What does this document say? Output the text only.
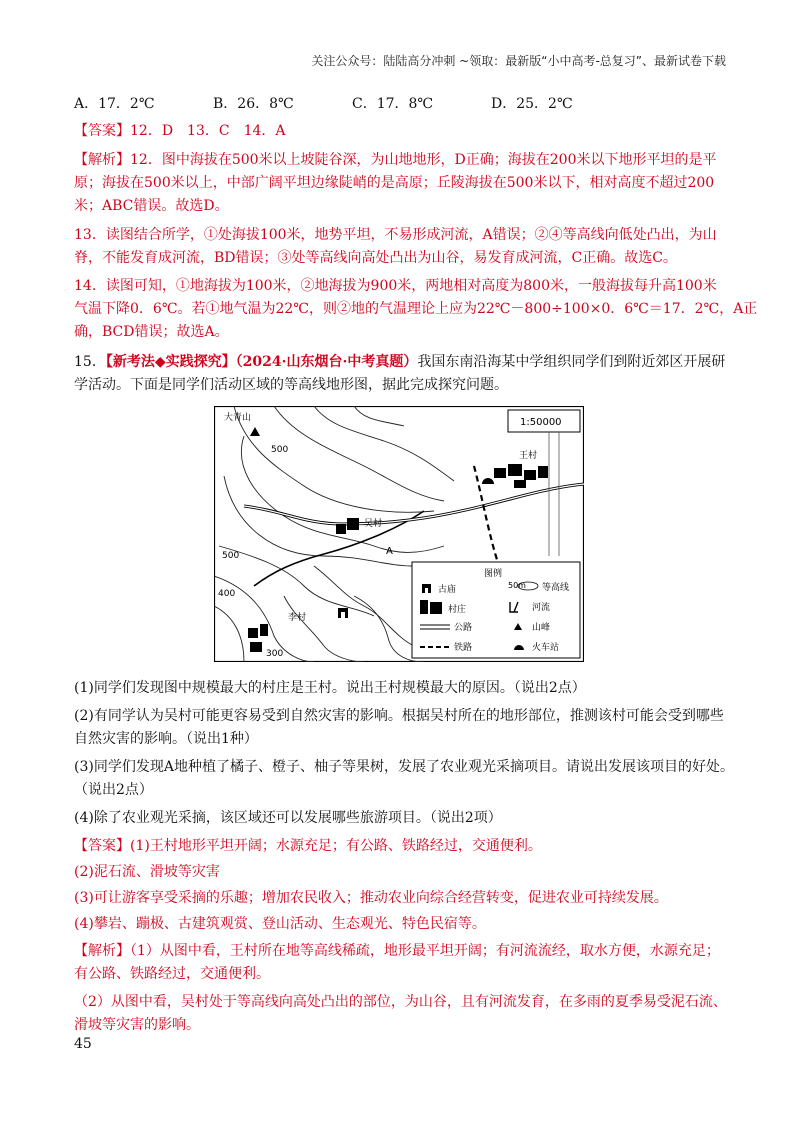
关注公众号：陆陆高分冲刺 ~领取：最新版“小中高考-总复习”、最新试卷下载
A．17．2℃	B．26．8℃	C．17．8℃	D．25．2℃
【答案】12．D　13．C　14．A
【解析】12．图中海拔在500米以上坡陡谷深，为山地地形，D正确；海拔在200米以下地形平坦的是平
原；海拔在500米以上，中部广阔平坦边缘陡峭的是高原；丘陵海拔在500米以下，相对高度不超过200
米；ABC错误。故选D。
13．读图结合所学，①处海拔100米，地势平坦，不易形成河流，A错误；②④等高线向低处凸出，为山
脊，不能发育成河流，BD错误；③处等高线向高处凸出为山谷，易发育成河流，C正确。故选C。
14．读图可知，①地海拔为100米，②地海拔为900米，两地相对高度为800米，一般海拔每升高100米
气温下降0．6℃。若①地气温为22℃，则②地的气温理论上应为22℃－800÷100×0．6℃＝17．2℃，A正
确，BCD错误；故选A。
15．【新考法◆实践探究】（2024·山东烟台·中考真题）我国东南沿海某中学组织同学们到附近郊区开展研
学活动。下面是同学们活动区域的等高线地形图，据此完成探究问题。
1:50000
500
500
400
300
王村
吴村
A
大青山
李村
图例
古庙	50m 等高线
村庄	河流
公路	山峰
铁路	火车站
(1)同学们发现图中规模最大的村庄是王村。说出王村规模最大的原因。（说出2点）
(2)有同学认为吴村可能更容易受到自然灾害的影响。根据吴村所在的地形部位，推测该村可能会受到哪些
自然灾害的影响。（说出1种）
(3)同学们发现A地种植了橘子、橙子、柚子等果树，发展了农业观光采摘项目。请说出发展该项目的好处。
（说出2点）
(4)除了农业观光采摘，该区域还可以发展哪些旅游项目。（说出2项）
【答案】(1)王村地形平坦开阔；水源充足；有公路、铁路经过，交通便利。
(2)泥石流、滑坡等灾害
(3)可让游客享受采摘的乐趣；增加农民收入；推动农业向综合经营转变，促进农业可持续发展。
(4)攀岩、蹦极、古建筑观赏、登山活动、生态观光、特色民宿等。
【解析】（1）从图中看，王村所在地等高线稀疏，地形最平坦开阔；有河流流经，取水方便，水源充足；
有公路、铁路经过，交通便利。
（2）从图中看，吴村处于等高线向高处凸出的部位，为山谷，且有河流发育，在多雨的夏季易受泥石流、
滑坡等灾害的影响。
45
